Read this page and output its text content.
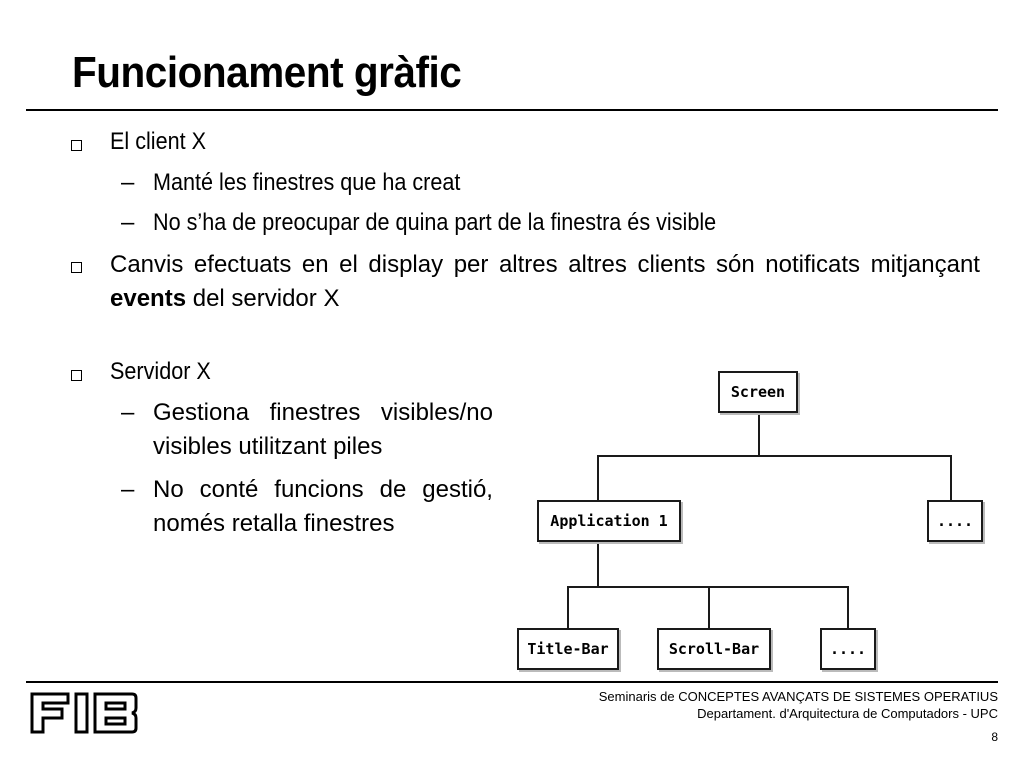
Funcionament gràfic
El client X
– Manté les finestres que ha creat
– No s’ha de preocupar de quina part de la finestra és visible
Canvis efectuats en el display per altres altres clients són notificats mitjançant
events del servidor X
Servidor X
– Gestiona finestres visibles/no
visibles utilitzant piles
– No conté funcions de gestió,
només retalla finestres
Screen
Application 1	....
Title-Bar	Scroll-Bar	....
Seminaris de CONCEPTES AVANÇATS DE SISTEMES OPERATIUS
Departament. d'Arquitectura de Computadors - UPC
8
